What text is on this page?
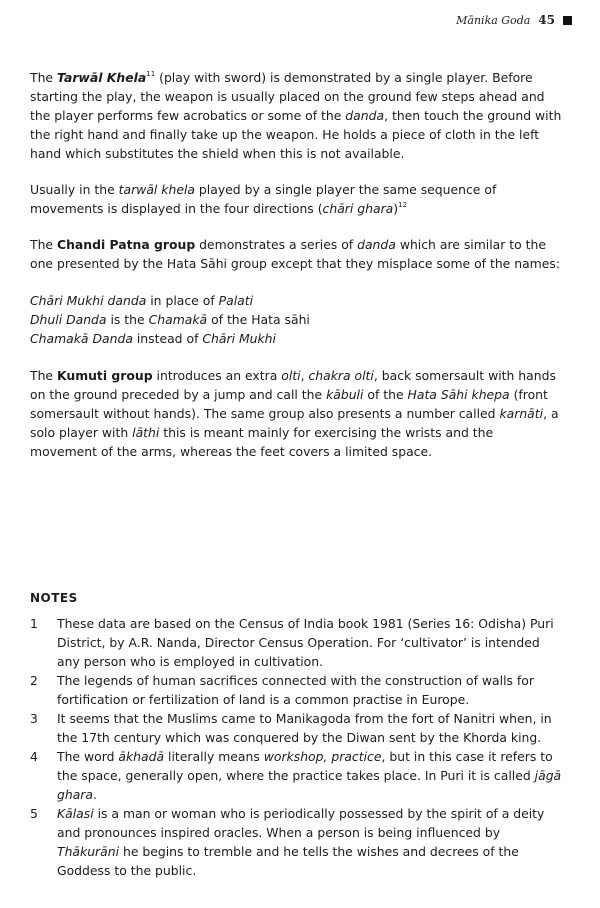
Mānika Goda 45

The Tarwāl Khela$^{11}$ (play with sword) is demonstrated by a single player. Before starting the play, the weapon is usually placed on the ground few steps ahead and the player performs few acrobatics or some of the danda, then touch the ground with the right hand and finally take up the weapon. He holds a piece of cloth in the left hand which substitutes the shield when this is not available.

Usually in the tarwāl khela played by a single player the same sequence of movements is displayed in the four directions (chāri ghara)$^{12}$

The Chandi Patna group demonstrates a series of danda which are similar to the one presented by the Hata Sāhi group except that they misplace some of the names:

Chāri Mukhi danda in place of Palati
Dhuli Danda is the Chamakā of the Hata sāhi
Chamakā Danda instead of Chāri Mukhi

The Kumuti group introduces an extra olti, chakra olti, back somersault with hands on the ground preceded by a jump and call the kābuli of the Hata Sāhi khepa (front somersault without hands). The same group also presents a number called karnāti, a solo player with lāthi this is meant mainly for exercising the wrists and the movement of the arms, whereas the feet covers a limited space.

NOTES
1	These data are based on the Census of India book 1981 (Series 16: Odisha) Puri District, by A.R. Nanda, Director Census Operation. For ‘cultivator’ is intended any person who is employed in cultivation.
2	The legends of human sacrifices connected with the construction of walls for fortification or fertilization of land is a common practise in Europe.
3	It seems that the Muslims came to Manikagoda from the fort of Nanitri when, in the 17th century which was conquered by the Diwan sent by the Khorda king.
4	The word ākhadā literally means workshop, practice, but in this case it refers to the space, generally open, where the practice takes place. In Puri it is called jāgā ghara.
5	Kālasi is a man or woman who is periodically possessed by the spirit of a deity and pronounces inspired oracles. When a person is being influenced by Thākurāni he begins to tremble and he tells the wishes and decrees of the Goddess to the public.
